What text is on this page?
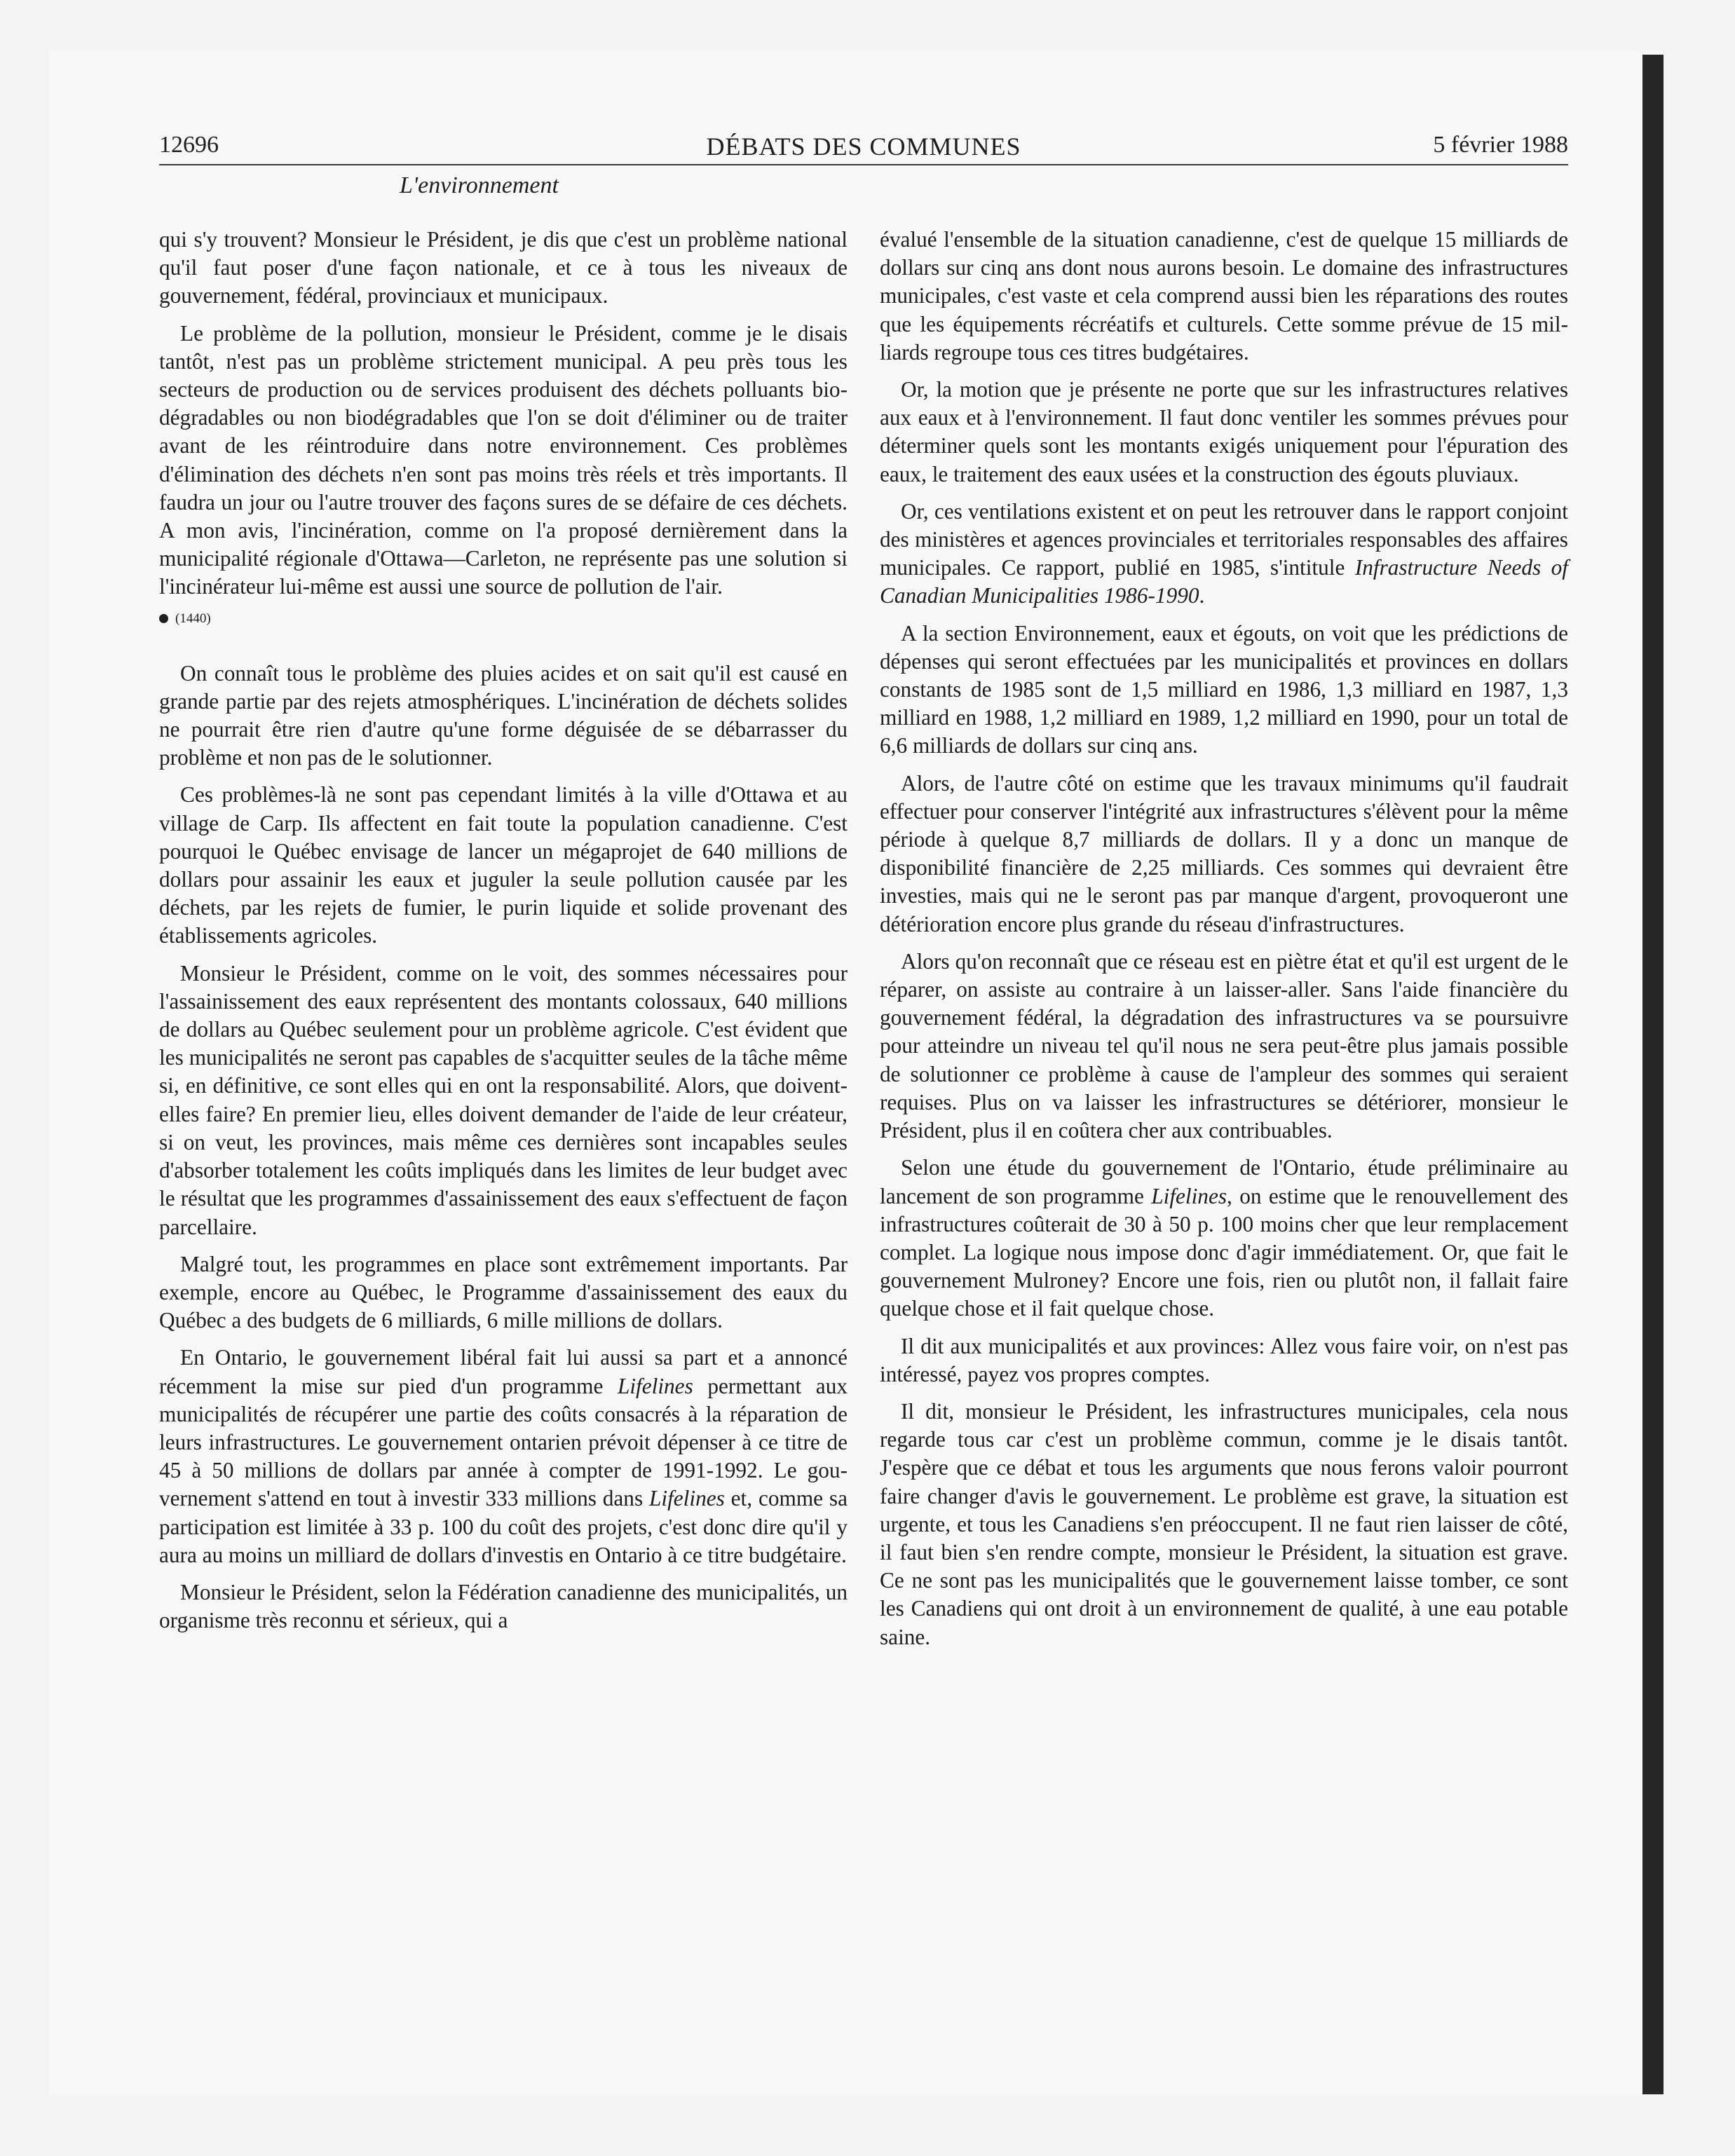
12696	DÉBATS DES COMMUNES	5 février 1988
L'environnement

qui s'y trouvent? Monsieur le Président, je dis que c'est un problème national qu'il faut poser d'une façon nationale, et ce à tous les niveaux de gouvernement, fédéral, provinciaux et municipaux.

Le problème de la pollution, monsieur le Président, comme je le disais tantôt, n'est pas un problème strictement municipal. A peu près tous les secteurs de production ou de services produisent des déchets polluants bio-dégradables ou non biodégradables que l'on se doit d'éliminer ou de traiter avant de les réintroduire dans notre environnement. Ces problèmes d'élimination des déchets n'en sont pas moins très réels et très importants. Il faudra un jour ou l'autre trouver des façons sures de se défaire de ces déchets. A mon avis, l'incinération, comme on l'a proposé dernièrement dans la municipalité régionale d'Ottawa—Carleton, ne représente pas une solution si l'incinérateur lui-même est aussi une source de pollution de l'air.

(1440)

On connaît tous le problème des pluies acides et on sait qu'il est causé en grande partie par des rejets atmosphériques. L'incinération de déchets solides ne pourrait être rien d'autre qu'une forme déguisée de se débarrasser du problème et non pas de le solutionner.

Ces problèmes-là ne sont pas cependant limités à la ville d'Ottawa et au village de Carp. Ils affectent en fait toute la population canadienne. C'est pourquoi le Québec envisage de lancer un mégaprojet de 640 millions de dollars pour assainir les eaux et juguler la seule pollution causée par les déchets, par les rejets de fumier, le purin liquide et solide provenant des établissements agricoles.

Monsieur le Président, comme on le voit, des sommes nécessaires pour l'assainissement des eaux représentent des montants colossaux, 640 millions de dollars au Québec seulement pour un problème agricole. C'est évident que les municipalités ne seront pas capables de s'acquitter seules de la tâche même si, en définitive, ce sont elles qui en ont la responsabilité. Alors, que doivent-elles faire? En premier lieu, elles doivent demander de l'aide de leur créateur, si on veut, les provinces, mais même ces dernières sont incapables seules d'absorber totalement les coûts impliqués dans les limites de leur budget avec le résultat que les programmes d'assainissement des eaux s'effectuent de façon parcellaire.

Malgré tout, les programmes en place sont extrêmement importants. Par exemple, encore au Québec, le Programme d'assainissement des eaux du Québec a des budgets de 6 milliards, 6 mille millions de dollars.

En Ontario, le gouvernement libéral fait lui aussi sa part et a annoncé récemment la mise sur pied d'un programme Lifelines permettant aux municipalités de récupérer une partie des coûts consacrés à la réparation de leurs infrastructures. Le gouvernement ontarien prévoit dépenser à ce titre de 45 à 50 millions de dollars par année à compter de 1991-1992. Le gouvernement s'attend en tout à investir 333 millions dans Lifelines et, comme sa participation est limitée à 33 p. 100 du coût des projets, c'est donc dire qu'il y aura au moins un milliard de dollars d'investis en Ontario à ce titre budgétaire.

Monsieur le Président, selon la Fédération canadienne des municipalités, un organisme très reconnu et sérieux, qui a

évalué l'ensemble de la situation canadienne, c'est de quelque 15 milliards de dollars sur cinq ans dont nous aurons besoin. Le domaine des infrastructures municipales, c'est vaste et cela comprend aussi bien les réparations des routes que les équipements récréatifs et culturels. Cette somme prévue de 15 milliards regroupe tous ces titres budgétaires.

Or, la motion que je présente ne porte que sur les infrastructures relatives aux eaux et à l'environnement. Il faut donc ventiler les sommes prévues pour déterminer quels sont les montants exigés uniquement pour l'épuration des eaux, le traitement des eaux usées et la construction des égouts pluviaux.

Or, ces ventilations existent et on peut les retrouver dans le rapport conjoint des ministères et agences provinciales et territoriales responsables des affaires municipales. Ce rapport, publié en 1985, s'intitule Infrastructure Needs of Canadian Municipalities 1986-1990.

A la section Environnement, eaux et égouts, on voit que les prédictions de dépenses qui seront effectuées par les municipalités et provinces en dollars constants de 1985 sont de 1,5 milliard en 1986, 1,3 milliard en 1987, 1,3 milliard en 1988, 1,2 milliard en 1989, 1,2 milliard en 1990, pour un total de 6,6 milliards de dollars sur cinq ans.

Alors, de l'autre côté on estime que les travaux minimums qu'il faudrait effectuer pour conserver l'intégrité aux infrastructures s'élèvent pour la même période à quelque 8,7 milliards de dollars. Il y a donc un manque de disponibilité financière de 2,25 milliards. Ces sommes qui devraient être investies, mais qui ne le seront pas par manque d'argent, provoqueront une détérioration encore plus grande du réseau d'infrastructures.

Alors qu'on reconnaît que ce réseau est en piètre état et qu'il est urgent de le réparer, on assiste au contraire à un laisser-aller. Sans l'aide financière du gouvernement fédéral, la dégradation des infrastructures va se poursuivre pour atteindre un niveau tel qu'il nous ne sera peut-être plus jamais possible de solutionner ce problème à cause de l'ampleur des sommes qui seraient requises. Plus on va laisser les infrastructures se détériorer, monsieur le Président, plus il en coûtera cher aux contribuables.

Selon une étude du gouvernement de l'Ontario, étude préliminaire au lancement de son programme Lifelines, on estime que le renouvellement des infrastructures coûterait de 30 à 50 p. 100 moins cher que leur remplacement complet. La logique nous impose donc d'agir immédiatement. Or, que fait le gouvernement Mulroney? Encore une fois, rien ou plutôt non, il fallait faire quelque chose et il fait quelque chose.

Il dit aux municipalités et aux provinces: Allez vous faire voir, on n'est pas intéressé, payez vos propres comptes.

Il dit, monsieur le Président, les infrastructures municipales, cela nous regarde tous car c'est un problème commun, comme je le disais tantôt. J'espère que ce débat et tous les arguments que nous ferons valoir pourront faire changer d'avis le gouvernement. Le problème est grave, la situation est urgente, et tous les Canadiens s'en préoccupent. Il ne faut rien laisser de côté, il faut bien s'en rendre compte, monsieur le Président, la situation est grave. Ce ne sont pas les municipalités que le gouvernement laisse tomber, ce sont les Canadiens qui ont droit à un environnement de qualité, à une eau potable saine.
